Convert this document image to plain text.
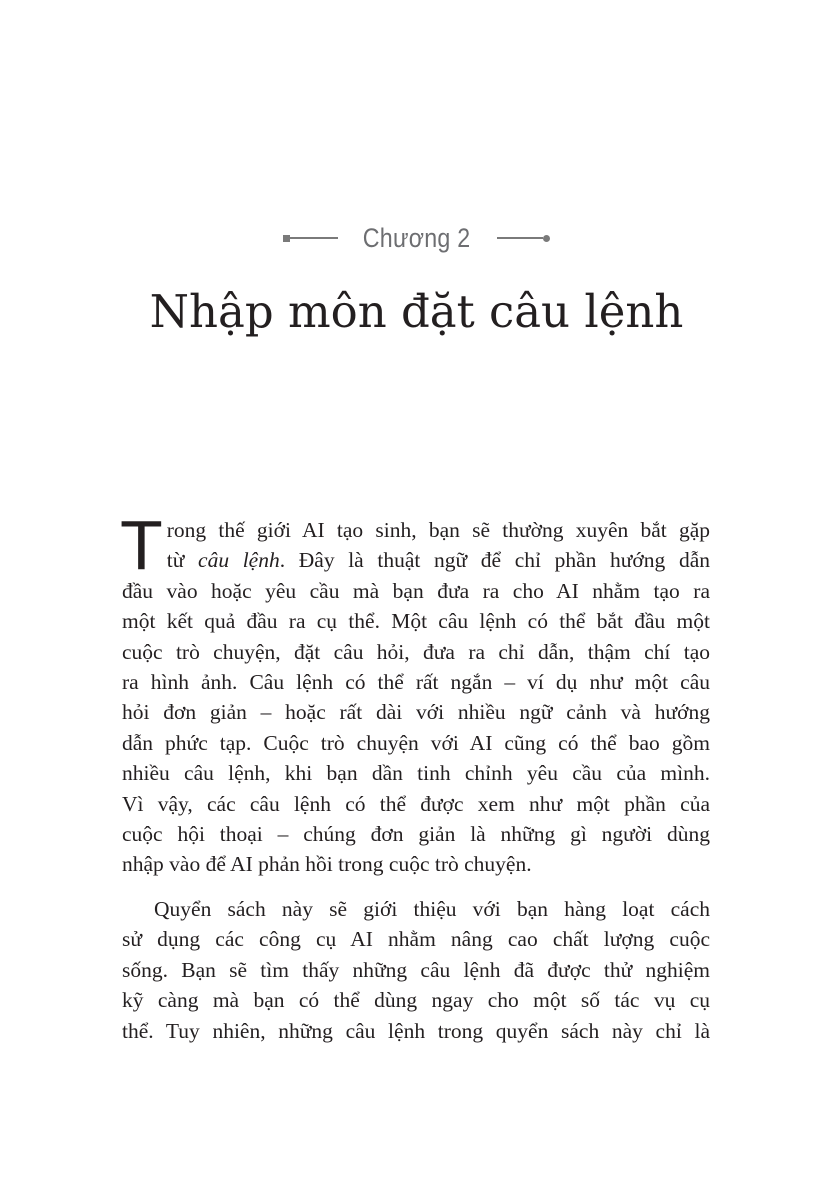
Chương 2
Nhập môn đặt câu lệnh
T rong thế giới AI tạo sinh, bạn sẽ thường xuyên bắt gặp
từ câu lệnh. Đây là thuật ngữ để chỉ phần hướng dẫn
đầu vào hoặc yêu cầu mà bạn đưa ra cho AI nhằm tạo ra
một kết quả đầu ra cụ thể. Một câu lệnh có thể bắt đầu một
cuộc trò chuyện, đặt câu hỏi, đưa ra chỉ dẫn, thậm chí tạo
ra hình ảnh. Câu lệnh có thể rất ngắn – ví dụ như một câu
hỏi đơn giản – hoặc rất dài với nhiều ngữ cảnh và hướng
dẫn phức tạp. Cuộc trò chuyện với AI cũng có thể bao gồm
nhiều câu lệnh, khi bạn dần tinh chỉnh yêu cầu của mình.
Vì vậy, các câu lệnh có thể được xem như một phần của
cuộc hội thoại – chúng đơn giản là những gì người dùng
nhập vào để AI phản hồi trong cuộc trò chuyện.
Quyển sách này sẽ giới thiệu với bạn hàng loạt cách
sử dụng các công cụ AI nhằm nâng cao chất lượng cuộc
sống. Bạn sẽ tìm thấy những câu lệnh đã được thử nghiệm
kỹ càng mà bạn có thể dùng ngay cho một số tác vụ cụ
thể. Tuy nhiên, những câu lệnh trong quyển sách này chỉ là
